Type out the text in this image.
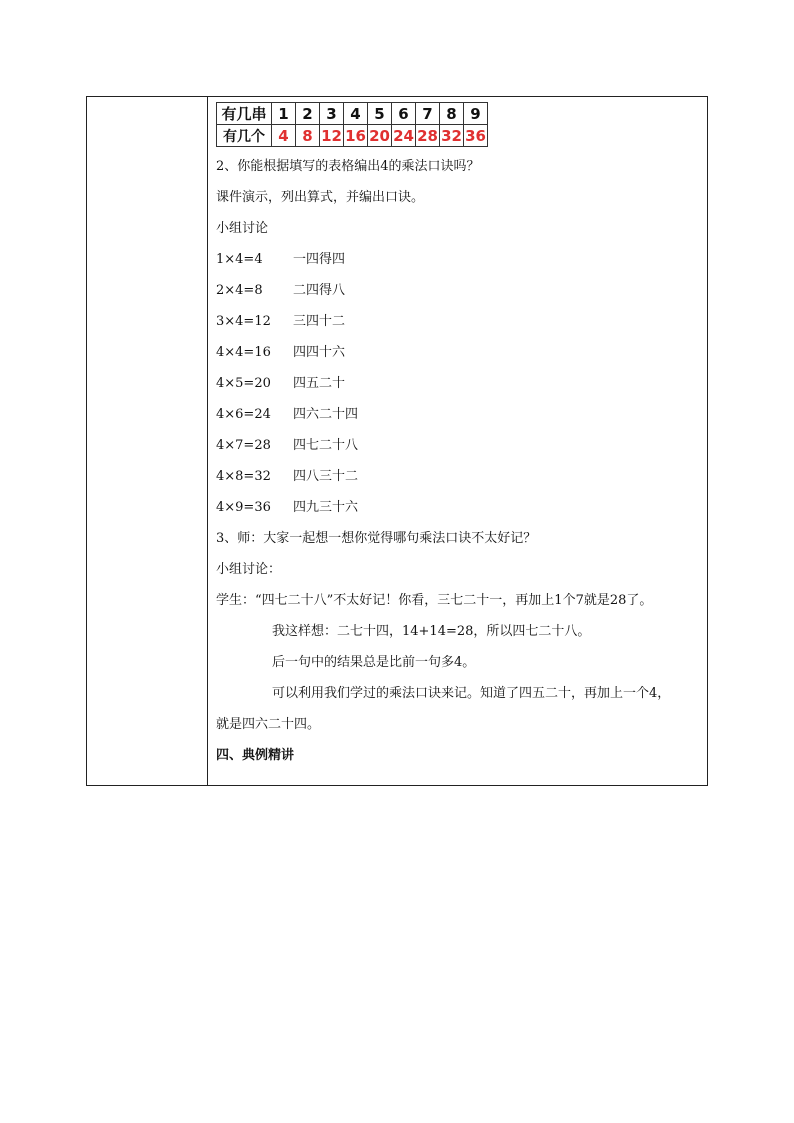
有几串	1	2	3	4	5	6	7	8	9
有几个	4	8	12	16	20	24	28	32	36
2、你能根据填写的表格编出4的乘法口诀吗？
课件演示，列出算式，并编出口诀。
小组讨论
1×4=4 一四得四
2×4=8 二四得八
3×4=12 三四十二
4×4=16 四四十六
4×5=20 四五二十
4×6=24 四六二十四
4×7=28 四七二十八
4×8=32 四八三十二
4×9=36 四九三十六
3、师：大家一起想一想你觉得哪句乘法口诀不太好记？
小组讨论：
学生：“四七二十八”不太好记！你看，三七二十一，再加上1个7就是28了。
我这样想：二七十四，14+14=28，所以四七二十八。
后一句中的结果总是比前一句多4。
可以利用我们学过的乘法口诀来记。知道了四五二十，再加上一个4，
就是四六二十四。
四、典例精讲
